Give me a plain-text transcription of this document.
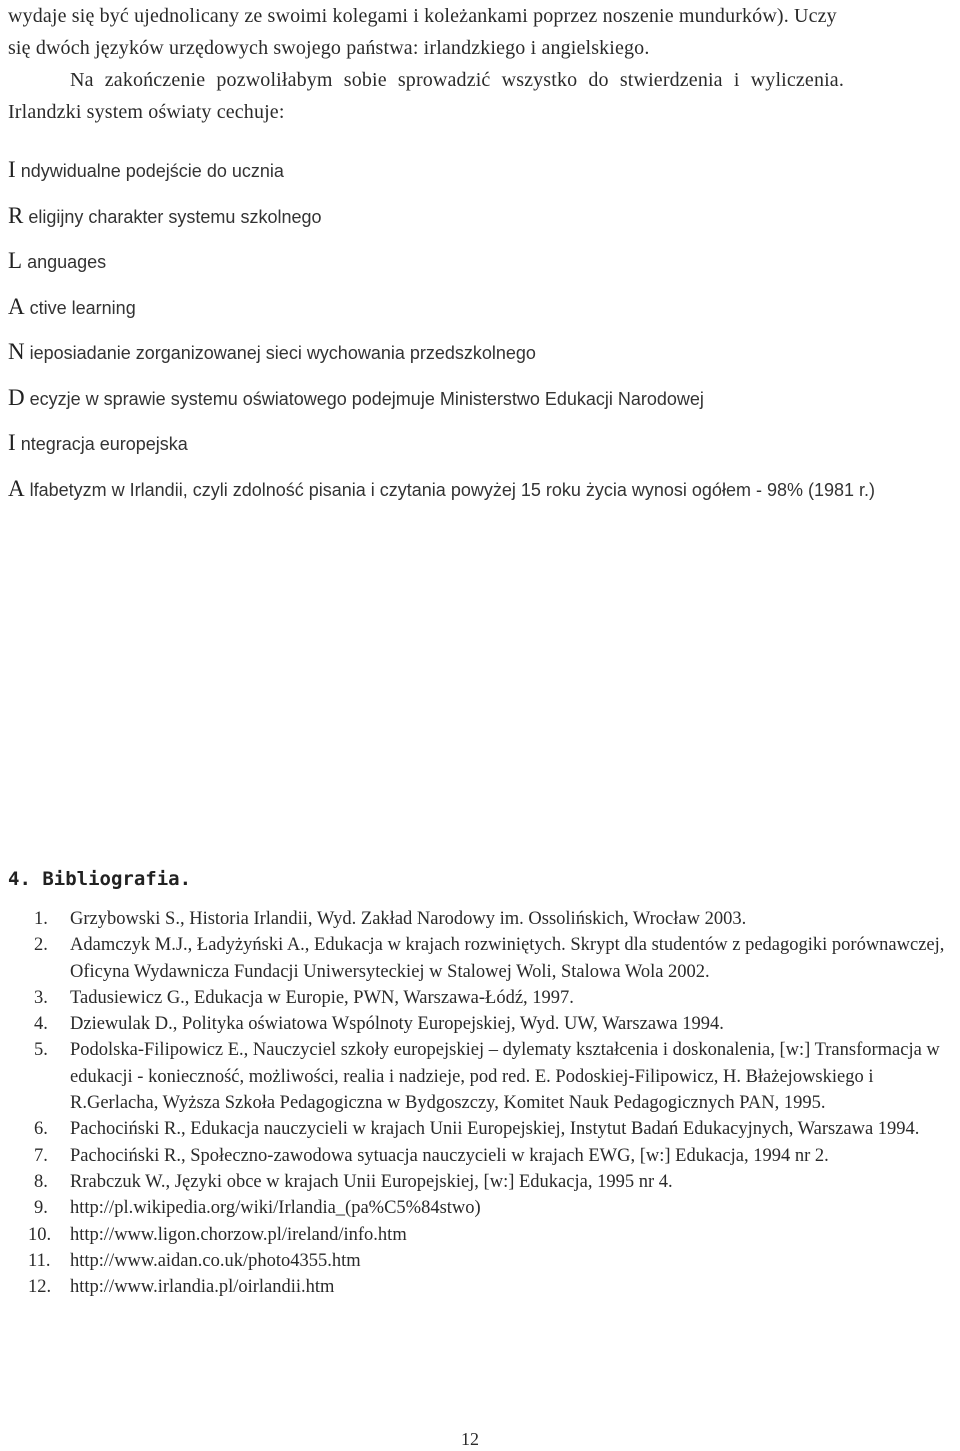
wydaje się być ujednolicany ze swoimi kolegami i koleżankami poprzez noszenie mundurków). Uczy

się dwóch języków urzędowych swojego państwa: irlandzkiego i angielskiego.

Na zakończenie pozwoliłabym sobie sprowadzić wszystko do stwierdzenia i wyliczenia.

Irlandzki system oświaty cechuje:

I ndywidualne podejście do ucznia
R eligijny charakter systemu szkolnego
L anguages
A ctive learning
N ieposiadanie zorganizowanej sieci wychowania przedszkolnego
D ecyzje w sprawie systemu oświatowego podejmuje Ministerstwo Edukacji Narodowej
I ntegracja europejska
A lfabetyzm w Irlandii, czyli zdolność pisania i czytania powyżej 15 roku życia wynosi ogółem - 98% (1981 r.)
4. Bibliografia.
1.	Grzybowski S., Historia Irlandii, Wyd. Zakład Narodowy im. Ossolińskich, Wrocław 2003.
2.	Adamczyk M.J., Ładyżyński A., Edukacja w krajach rozwiniętych. Skrypt dla studentów z pedagogiki porównawczej, Oficyna Wydawnicza Fundacji Uniwersyteckiej w Stalowej Woli, Stalowa Wola 2002.
3.	Tadusiewicz G., Edukacja w Europie, PWN, Warszawa-Łódź, 1997.
4.	Dziewulak D., Polityka oświatowa Wspólnoty Europejskiej, Wyd. UW, Warszawa 1994.
5.	Podolska-Filipowicz E., Nauczyciel szkoły europejskiej – dylematy kształcenia i doskonalenia, [w:] Transformacja w edukacji - konieczność, możliwości, realia i nadzieje, pod red. E. Podoskiej-Filipowicz, H. Błażejowskiego i R.Gerlacha, Wyższa Szkoła Pedagogiczna w Bydgoszczy, Komitet Nauk Pedagogicznych PAN, 1995.
6.	Pachociński R., Edukacja nauczycieli w krajach Unii Europejskiej, Instytut Badań Edukacyjnych, Warszawa 1994.
7.	Pachociński R., Społeczno-zawodowa sytuacja nauczycieli w krajach EWG, [w:] Edukacja, 1994 nr 2.
8.	Rrabczuk W., Języki obce w krajach Unii Europejskiej, [w:] Edukacja, 1995 nr 4.
9.	http://pl.wikipedia.org/wiki/Irlandia_(pa%C5%84stwo)
10.	http://www.ligon.chorzow.pl/ireland/info.htm
11.	http://www.aidan.co.uk/photo4355.htm
12.	http://www.irlandia.pl/oirlandii.htm
12
